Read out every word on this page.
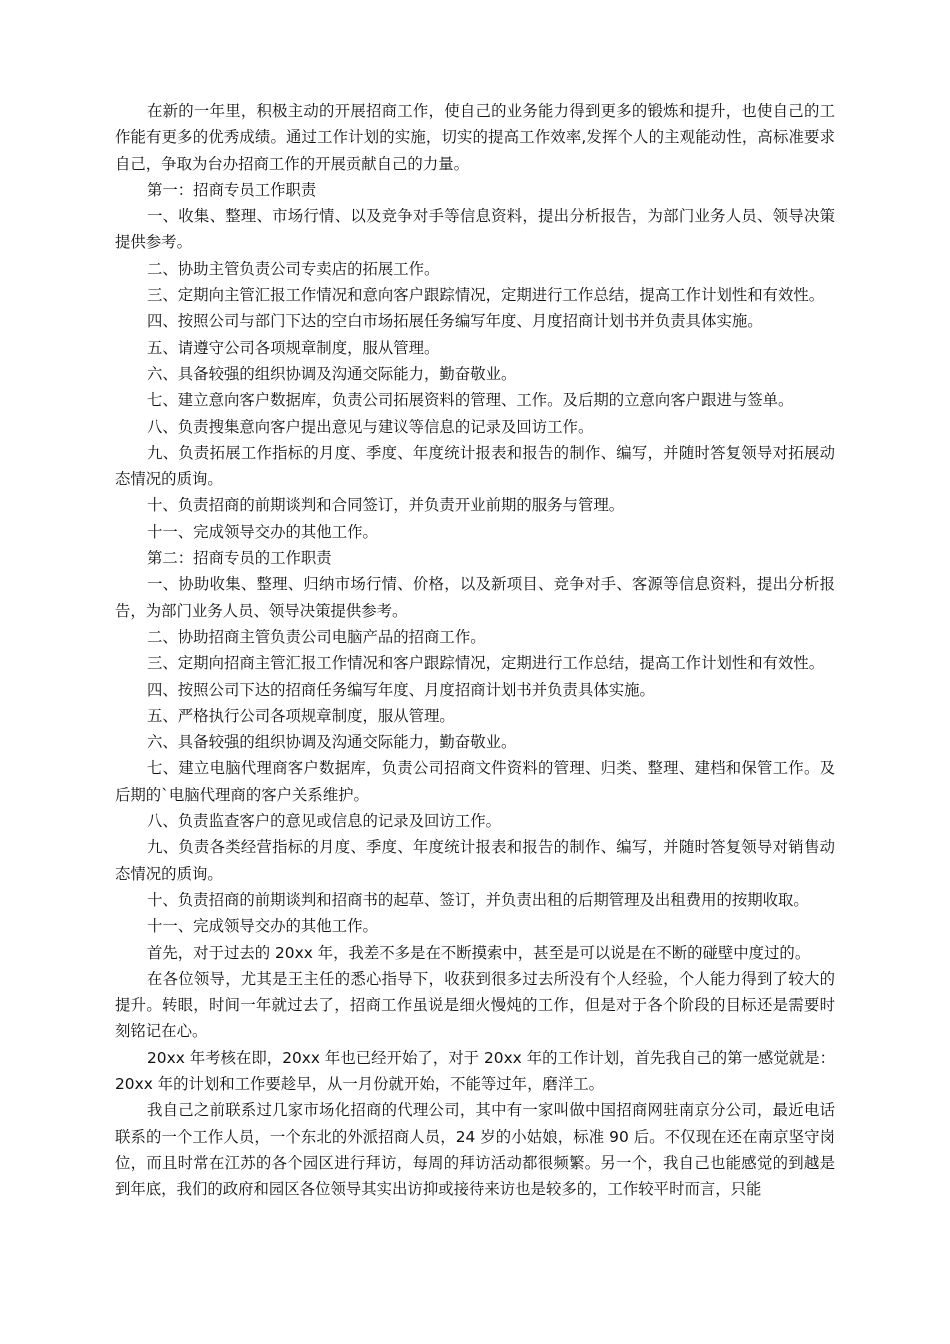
在新的一年里，积极主动的开展招商工作，使自己的业务能力得到更多的锻炼和提升，也使自己的工作能有更多的优秀成绩。通过工作计划的实施，切实的提高工作效率,发挥个人的主观能动性，高标准要求自己，争取为台办招商工作的开展贡献自己的力量。

第一：招商专员工作职责

一、收集、整理、市场行情、以及竞争对手等信息资料，提出分析报告，为部门业务人员、领导决策提供参考。

二、协助主管负责公司专卖店的拓展工作。

三、定期向主管汇报工作情况和意向客户跟踪情况，定期进行工作总结，提高工作计划性和有效性。

四、按照公司与部门下达的空白市场拓展任务编写年度、月度招商计划书并负责具体实施。

五、请遵守公司各项规章制度，服从管理。

六、具备较强的组织协调及沟通交际能力，勤奋敬业。

七、建立意向客户数据库，负责公司拓展资料的管理、工作。及后期的立意向客户跟进与签单。

八、负责搜集意向客户提出意见与建议等信息的记录及回访工作。

九、负责拓展工作指标的月度、季度、年度统计报表和报告的制作、编写，并随时答复领导对拓展动态情况的质询。

十、负责招商的前期谈判和合同签订，并负责开业前期的服务与管理。

十一、完成领导交办的其他工作。

第二：招商专员的工作职责

一、协助收集、整理、归纳市场行情、价格，以及新项目、竞争对手、客源等信息资料，提出分析报告，为部门业务人员、领导决策提供参考。

二、协助招商主管负责公司电脑产品的招商工作。

三、定期向招商主管汇报工作情况和客户跟踪情况，定期进行工作总结，提高工作计划性和有效性。

四、按照公司下达的招商任务编写年度、月度招商计划书并负责具体实施。

五、严格执行公司各项规章制度，服从管理。

六、具备较强的组织协调及沟通交际能力，勤奋敬业。

七、建立电脑代理商客户数据库，负责公司招商文件资料的管理、归类、整理、建档和保管工作。及后期的`电脑代理商的客户关系维护。

八、负责监查客户的意见或信息的记录及回访工作。

九、负责各类经营指标的月度、季度、年度统计报表和报告的制作、编写，并随时答复领导对销售动态情况的质询。

十、负责招商的前期谈判和招商书的起草、签订，并负责出租的后期管理及出租费用的按期收取。

十一、完成领导交办的其他工作。

首先，对于过去的 20xx 年，我差不多是在不断摸索中，甚至是可以说是在不断的碰壁中度过的。

在各位领导，尤其是王主任的悉心指导下，收获到很多过去所没有个人经验，个人能力得到了较大的提升。转眼，时间一年就过去了，招商工作虽说是细火慢炖的工作，但是对于各个阶段的目标还是需要时刻铭记在心。

20xx 年考核在即，20xx 年也已经开始了，对于 20xx 年的工作计划，首先我自己的第一感觉就是：20xx 年的计划和工作要趁早，从一月份就开始，不能等过年，磨洋工。

我自己之前联系过几家市场化招商的代理公司，其中有一家叫做中国招商网驻南京分公司，最近电话联系的一个工作人员，一个东北的外派招商人员，24 岁的小姑娘，标准 90 后。不仅现在还在南京坚守岗位，而且时常在江苏的各个园区进行拜访，每周的拜访活动都很频繁。另一个，我自己也能感觉的到越是到年底，我们的政府和园区各位领导其实出访抑或接待来访也是较多的，工作较平时而言，只能
